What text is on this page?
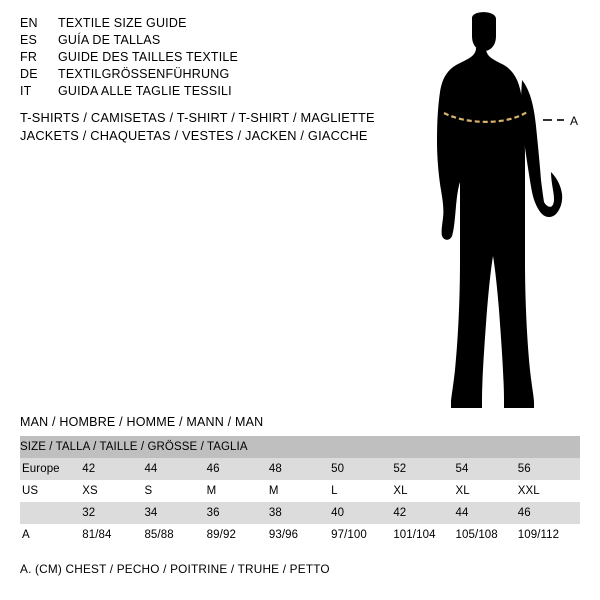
EN	TEXTILE SIZE GUIDE
ES	GUÍA DE TALLAS
FR	GUIDE DES TAILLES TEXTILE
DE	TEXTILGRÖSSENFÜHRUNG
IT	GUIDA ALLE TAGLIE TESSILI
T-SHIRTS / CAMISETAS / T-SHIRT / T-SHIRT / MAGLIETTE
JACKETS / CHAQUETAS / VESTES / JACKEN / GIACCHE
A
MAN / HOMBRE / HOMME / MANN / MAN
SIZE / TALLA / TAILLE / GRÖSSE / TAGLIA								
Europe	42	44	46	48	50	52	54	56
US	XS	S	M	M	L	XL	XL	XXL
	32	34	36	38	40	42	44	46
A	81/84	85/88	89/92	93/96	97/100	101/104	105/108	109/112
A. (CM) CHEST / PECHO / POITRINE / TRUHE / PETTO
